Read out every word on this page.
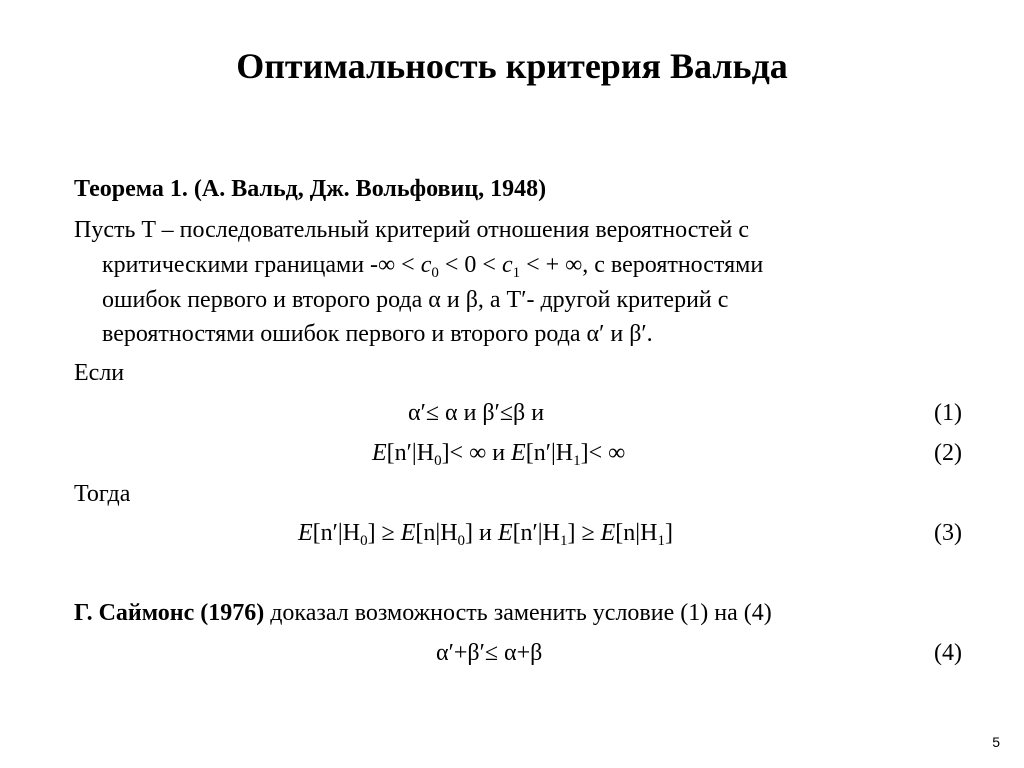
Оптимальность критерия Вальда
Теорема 1. (А. Вальд, Дж. Вольфовиц, 1948)
Пусть T – последовательный критерий отношения вероятностей с
критическими границами -∞ < $c_0 < 0 < c_1$ < + ∞, с вероятностями
ошибок первого и второго рода α и β, а T′- другой критерий с
вероятностями ошибок первого и второго рода α′ и β′.
Если
α′≤ α и β′≤β и	(1)
$E[n'|H_0]<$ ∞ и $E[n'|H_1]<$ ∞	(2)
Тогда
$E[n'|H_0] \ge E[n|H_0]$ и $E[n'|H_1] \ge E[n|H_1]$	(3)
Г. Саймонс (1976) доказал возможность заменить условие (1) на (4)
α′+β′≤ α+β	(4)
5
